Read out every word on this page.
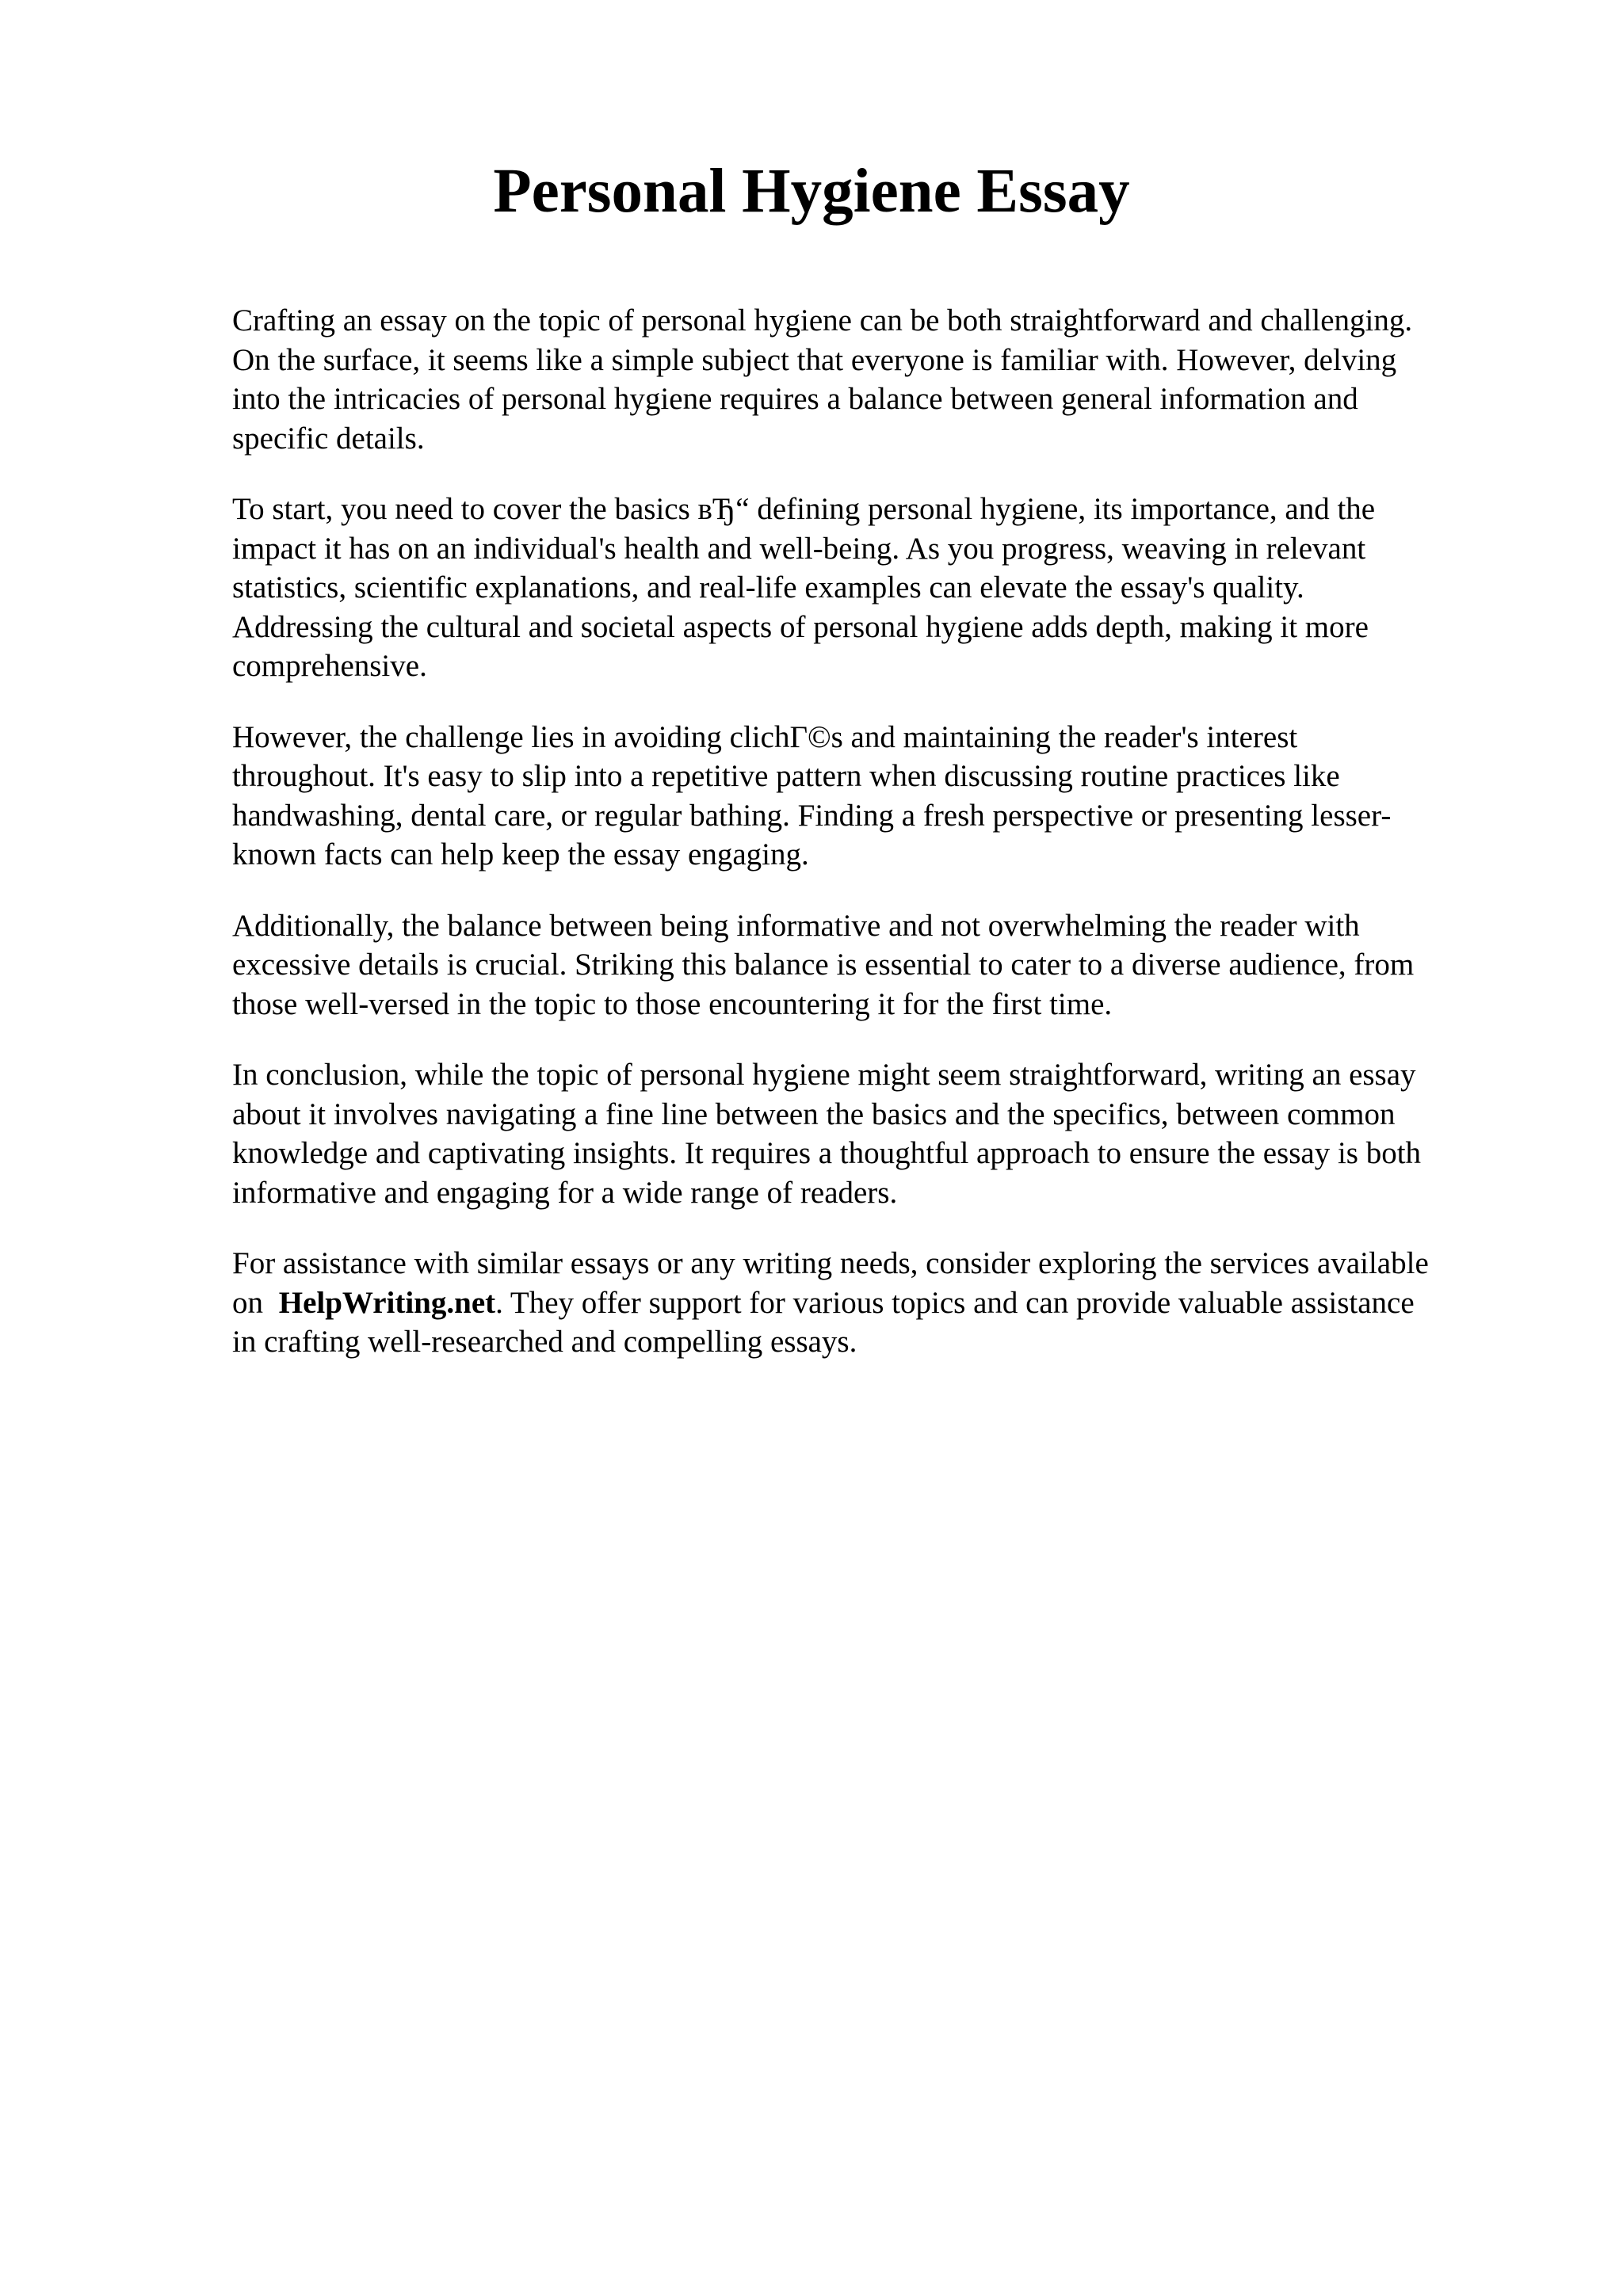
Personal Hygiene Essay

Crafting an essay on the topic of personal hygiene can be both straightforward and challenging.
On the surface, it seems like a simple subject that everyone is familiar with. However, delving
into the intricacies of personal hygiene requires a balance between general information and
specific details.

To start, you need to cover the basics вЂ“ defining personal hygiene, its importance, and the
impact it has on an individual's health and well-being. As you progress, weaving in relevant
statistics, scientific explanations, and real-life examples can elevate the essay's quality.
Addressing the cultural and societal aspects of personal hygiene adds depth, making it more
comprehensive.

However, the challenge lies in avoiding clichГ©s and maintaining the reader's interest
throughout. It's easy to slip into a repetitive pattern when discussing routine practices like
handwashing, dental care, or regular bathing. Finding a fresh perspective or presenting lesser-
known facts can help keep the essay engaging.

Additionally, the balance between being informative and not overwhelming the reader with
excessive details is crucial. Striking this balance is essential to cater to a diverse audience, from
those well-versed in the topic to those encountering it for the first time.

In conclusion, while the topic of personal hygiene might seem straightforward, writing an essay
about it involves navigating a fine line between the basics and the specifics, between common
knowledge and captivating insights. It requires a thoughtful approach to ensure the essay is both
informative and engaging for a wide range of readers.

For assistance with similar essays or any writing needs, consider exploring the services available
on HelpWriting.net. They offer support for various topics and can provide valuable assistance
in crafting well-researched and compelling essays.
